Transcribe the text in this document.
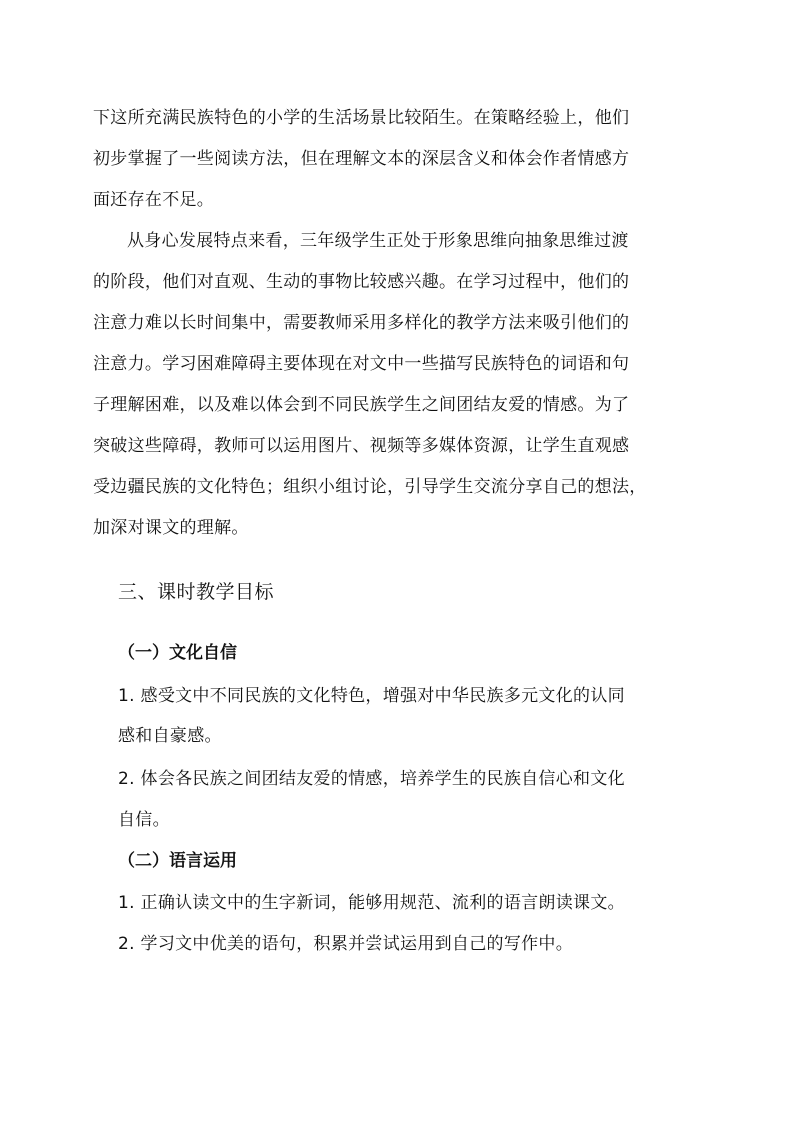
下这所充满民族特色的小学的生活场景比较陌生。在策略经验上，他们
初步掌握了一些阅读方法，但在理解文本的深层含义和体会作者情感方
面还存在不足。
从身心发展特点来看，三年级学生正处于形象思维向抽象思维过渡
的阶段，他们对直观、生动的事物比较感兴趣。在学习过程中，他们的
注意力难以长时间集中，需要教师采用多样化的教学方法来吸引他们的
注意力。学习困难障碍主要体现在对文中一些描写民族特色的词语和句
子理解困难，以及难以体会到不同民族学生之间团结友爱的情感。为了
突破这些障碍，教师可以运用图片、视频等多媒体资源，让学生直观感
受边疆民族的文化特色；组织小组讨论，引导学生交流分享自己的想法，
加深对课文的理解。
三、课时教学目标
（一）文化自信
1. 感受文中不同民族的文化特色，增强对中华民族多元文化的认同
感和自豪感。
2. 体会各民族之间团结友爱的情感，培养学生的民族自信心和文化
自信。
（二）语言运用
1. 正确认读文中的生字新词，能够用规范、流利的语言朗读课文。
2. 学习文中优美的语句，积累并尝试运用到自己的写作中。
